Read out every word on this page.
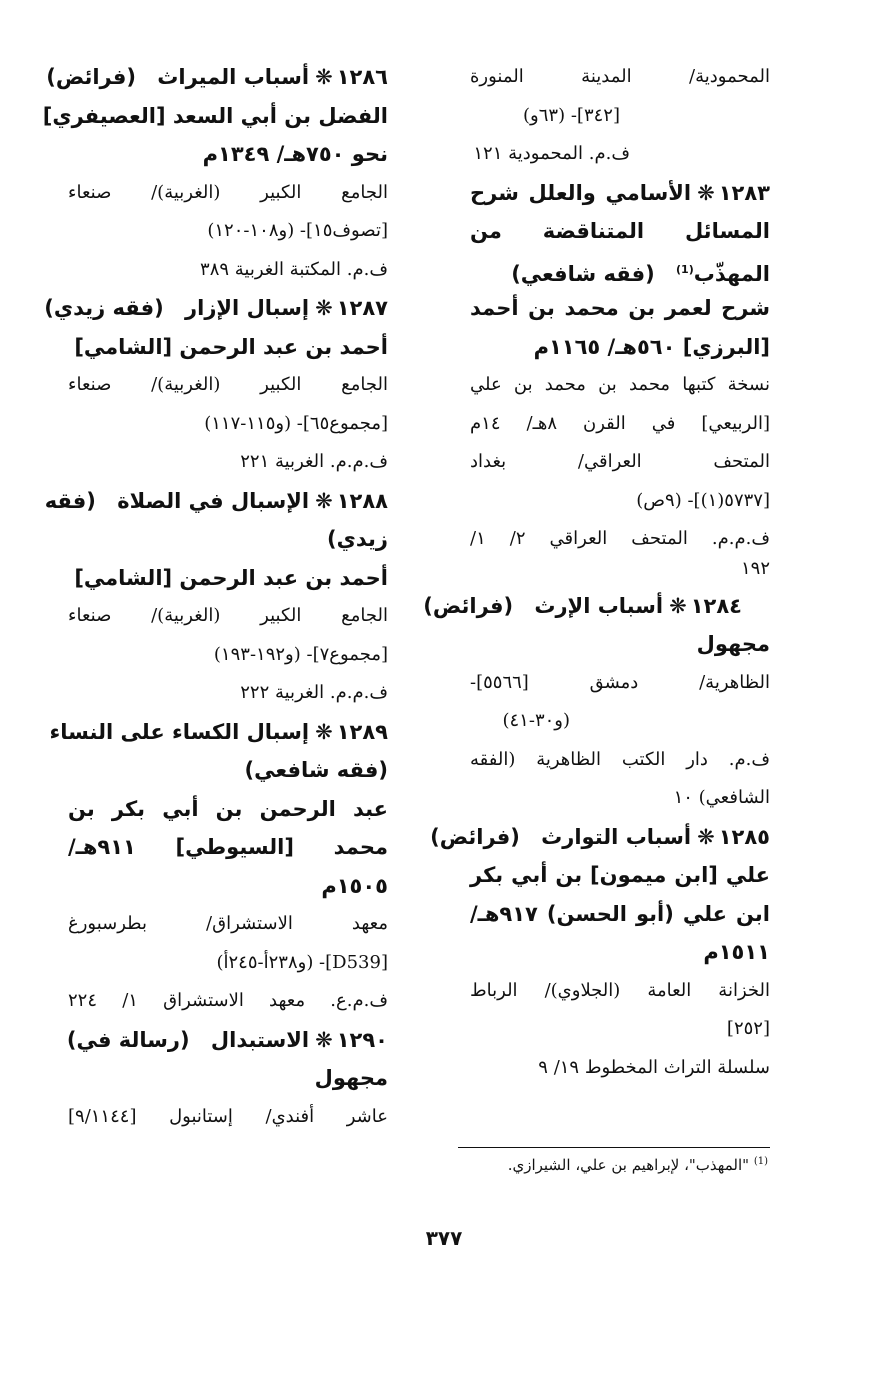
المحمودية/ المدينة المنورة
[٣٤٢]- (٦٣و)
ف.م. المحمودية ١٢١
١٢٨٣❋الأسامي والعلل شرح
المسائل المتناقضة من
المهذّب$^{(1)}$ (فقه شافعي)
شرح لعمر بن محمد بن أحمد
[البرزي] ٥٦٠هـ/ ١١٦٥م
نسخة كتبها محمد بن محمد بن علي
[الربيعي] في القرن ٨هـ/ ١٤م
المتحف العراقي/ بغداد
[٥٧٣٧(١)]- (٩ص)
ف.م.م. المتحف العراقي ٢/ ١/
١٩٢
١٢٨٤❋أسباب الإرث (فرائض)
مجهول
الظاهرية/ دمشق [٥٥٦٦]-
(و٣٠-٤١)
ف.م. دار الكتب الظاهرية (الفقه
الشافعي) ١٠
١٢٨٥❋أسباب التوارث (فرائض)
علي [ابن ميمون] بن أبي بكر
ابن علي (أبو الحسن) ٩١٧هـ/
١٥١١م
الخزانة العامة (الجلاوي)/ الرباط
[٢٥٢]
سلسلة التراث المخطوط ١٩/ ٩
١٢٨٦❋أسباب الميراث (فرائض)
الفضل بن أبي السعد [العصيفري]
نحو ٧٥٠هـ/ ١٣٤٩م
الجامع الكبير (الغربية)/ صنعاء
[تصوف١٥]- (و١٠٨-١٢٠)
ف.م. المكتبة الغربية ٣٨٩
١٢٨٧❋إسبال الإزار (فقه زيدي)
أحمد بن عبد الرحمن [الشامي]
الجامع الكبير (الغربية)/ صنعاء
[مجموع٦٥]- (و١١٥-١١٧)
ف.م.م. الغربية ٢٢١
١٢٨٨❋الإسبال في الصلاة (فقه
زيدي)
أحمد بن عبد الرحمن [الشامي]
الجامع الكبير (الغربية)/ صنعاء
[مجموع٧]- (و١٩٢-١٩٣)
ف.م.م. الغربية ٢٢٢
١٢٨٩❋إسبال الكساء على النساء
(فقه شافعي)
عبد الرحمن بن أبي بكر بن
محمد [السيوطي] ٩١١هـ/
١٥٠٥م
معهد الاستشراق/ بطرسبورغ
[D539]- (و٢٣٨أ-٢٤٥أ)
ف.م.ع. معهد الاستشراق ١/ ٢٢٤
١٢٩٠❋الاستبدال (رسالة في)
مجهول
عاشر أفندي/ إستانبول [٩/١١٤٤]
$^{(1)}$ "المهذب"، لإبراهيم بن علي، الشيرازي.
٣٧٧
